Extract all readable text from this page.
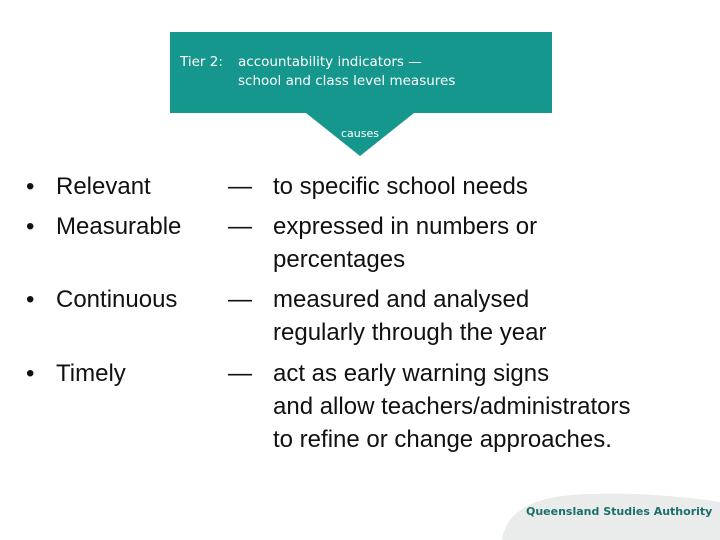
Tier 2: accountability indicators —
school and class level measures
causes
• Relevant	— to specific school needs
• Measurable — expressed in numbers or
percentages
• Continuous — measured and analysed
regularly through the year
• Timely	— act as early warning signs
and allow teachers/administrators
to refine or change approaches.
Queensland Studies Authority
